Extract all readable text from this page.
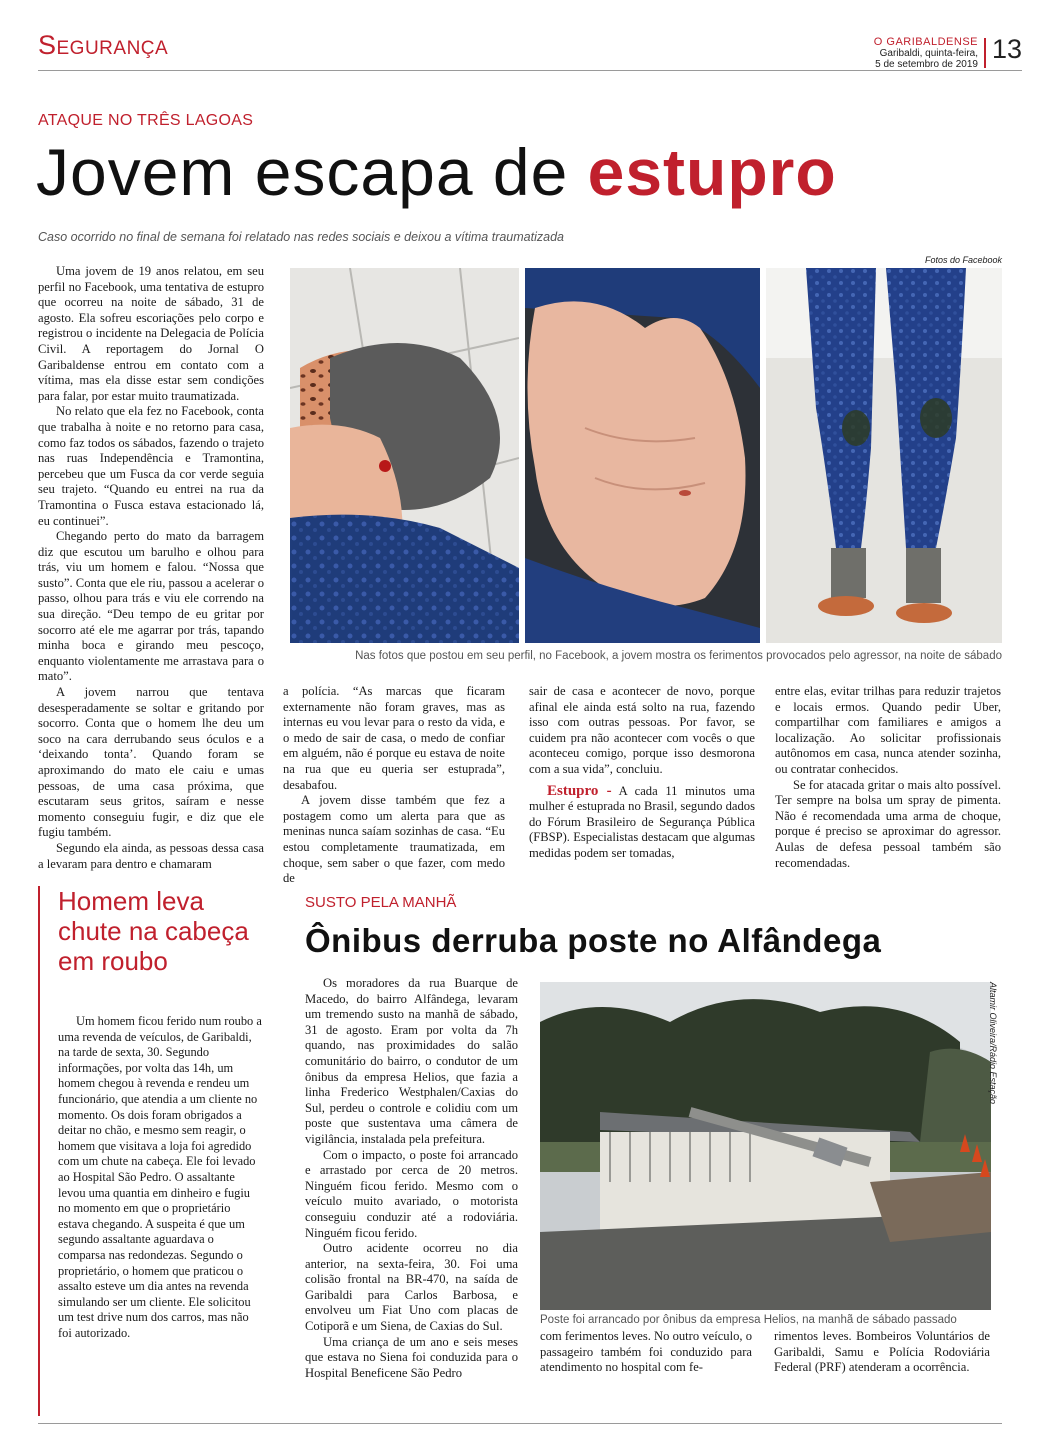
Segurança	O GARIBALDENSE
Garibaldi, quinta-feira,
5 de setembro de 2019
13
ATAQUE NO TRÊS LAGOAS
Jovem escapa de estupro
Caso ocorrido no final de semana foi relatado nas redes sociais e deixou a vítima traumatizada
Fotos do Facebook

Uma jovem de 19 anos relatou, em seu perfil no Facebook, uma tentativa de estupro que ocorreu na noite de sábado, 31 de agosto. Ela sofreu escoriações pelo corpo e registrou o incidente na Delegacia de Polícia Civil. A reportagem do Jornal O Garibaldense entrou em contato com a vítima, mas ela disse estar sem condições para falar, por estar muito traumatizada.

No relato que ela fez no Facebook, conta que trabalha à noite e no retorno para casa, como faz todos os sábados, fazendo o trajeto nas ruas Independência e Tramontina, percebeu que um Fusca da cor verde seguia seu trajeto. “Quando eu entrei na rua da Tramontina o Fusca estava estacionado lá, eu continuei”.

Chegando perto do mato da barragem diz que escutou um barulho e olhou para trás, viu um homem e falou. “Nossa que susto”. Conta que ele riu, passou a acelerar o passo, olhou para trás e viu ele correndo na sua direção. “Deu tempo de eu gritar por socorro até ele me agarrar por trás, tapando minha boca e girando meu pescoço, enquanto violentamente me arrastava para o mato”.

A jovem narrou que tentava desesperadamente se soltar e gritando por socorro. Conta que o homem lhe deu um soco na cara derrubando seus óculos e a ‘deixando tonta’. Quando foram se aproximando do mato ele caiu e umas pessoas, de uma casa próxima, que escutaram seus gritos, saíram e nesse momento conseguiu fugir, e diz que ele fugiu também.

Segundo ela ainda, as pessoas dessa casa a levaram para dentro e chamaram

Nas fotos que postou em seu perfil, no Facebook, a jovem mostra os ferimentos provocados pelo agressor, na noite de sábado

a polícia. “As marcas que ficaram externamente não foram graves, mas as internas eu vou levar para o resto da vida, e o medo de sair de casa, o medo de confiar em alguém, não é porque eu estava de noite na rua que eu queria ser estuprada”, desabafou.

A jovem disse também que fez a postagem como um alerta para que as meninas nunca saíam sozinhas de casa. “Eu estou completamente traumatizada, em choque, sem saber o que fazer, com medo de

sair de casa e acontecer de novo, porque afinal ele ainda está solto na rua, fazendo isso com outras pessoas. Por favor, se cuidem pra não acontecer com vocês o que aconteceu comigo, porque isso desmorona com a sua vida”, concluiu.

Estupro - A cada 11 minutos uma mulher é estuprada no Brasil, segundo dados do Fórum Brasileiro de Segurança Pública (FBSP). Especialistas destacam que algumas medidas podem ser tomadas,

entre elas, evitar trilhas para reduzir trajetos e locais ermos. Quando pedir Uber, compartilhar com familiares e amigos a localização. Ao solicitar profissionais autônomos em casa, nunca atender sozinha, ou contratar conhecidos.

Se for atacada gritar o mais alto possível. Ter sempre na bolsa um spray de pimenta. Não é recomendada uma arma de choque, porque é preciso se aproximar do agressor. Aulas de defesa pessoal também são recomendadas.

Homem leva chute na cabeça em roubo

Um homem ficou ferido num roubo a uma revenda de veículos, de Garibaldi, na tarde de sexta, 30. Segundo informações, por volta das 14h, um homem chegou à revenda e rendeu um funcionário, que atendia a um cliente no momento. Os dois foram obrigados a deitar no chão, e mesmo sem reagir, o homem que visitava a loja foi agredido com um chute na cabeça. Ele foi levado ao Hospital São Pedro. O assaltante levou uma quantia em dinheiro e fugiu no momento em que o proprietário estava chegando. A suspeita é que um segundo assaltante aguardava o comparsa nas redondezas. Segundo o proprietário, o homem que praticou o assalto esteve um dia antes na revenda simulando ser um cliente. Ele solicitou um test drive num dos carros, mas não foi autorizado.

SUSTO PELA MANHÃ
Ônibus derruba poste no Alfândega

Os moradores da rua Buarque de Macedo, do bairro Alfândega, levaram um tremendo susto na manhã de sábado, 31 de agosto. Eram por volta da 7h quando, nas proximidades do salão comunitário do bairro, o condutor de um ônibus da empresa Helios, que fazia a linha Frederico Westphalen/Caxias do Sul, perdeu o controle e colidiu com um poste que sustentava uma câmera de vigilância, instalada pela prefeitura.

Com o impacto, o poste foi arrancado e arrastado por cerca de 20 metros. Ninguém ficou ferido. Mesmo com o veículo muito avariado, o motorista conseguiu conduzir até a rodoviária. Ninguém ficou ferido.

Outro acidente ocorreu no dia anterior, na sexta-feira, 30. Foi uma colisão frontal na BR-470, na saída de Garibaldi para Carlos Barbosa, e envolveu um Fiat Uno com placas de Cotiporã e um Siena, de Caxias do Sul.

Uma criança de um ano e seis meses que estava no Siena foi conduzida para o Hospital Beneficene São Pedro

Altamir Oliveira/Rádio Estação
Poste foi arrancado por ônibus da empresa Helios, na manhã de sábado passado

com ferimentos leves. No outro veículo, o passageiro também foi conduzido para atendimento no hospital com fe-

rimentos leves. Bombeiros Voluntários de Garibaldi, Samu e Polícia Rodoviária Federal (PRF) atenderam a ocorrência.
